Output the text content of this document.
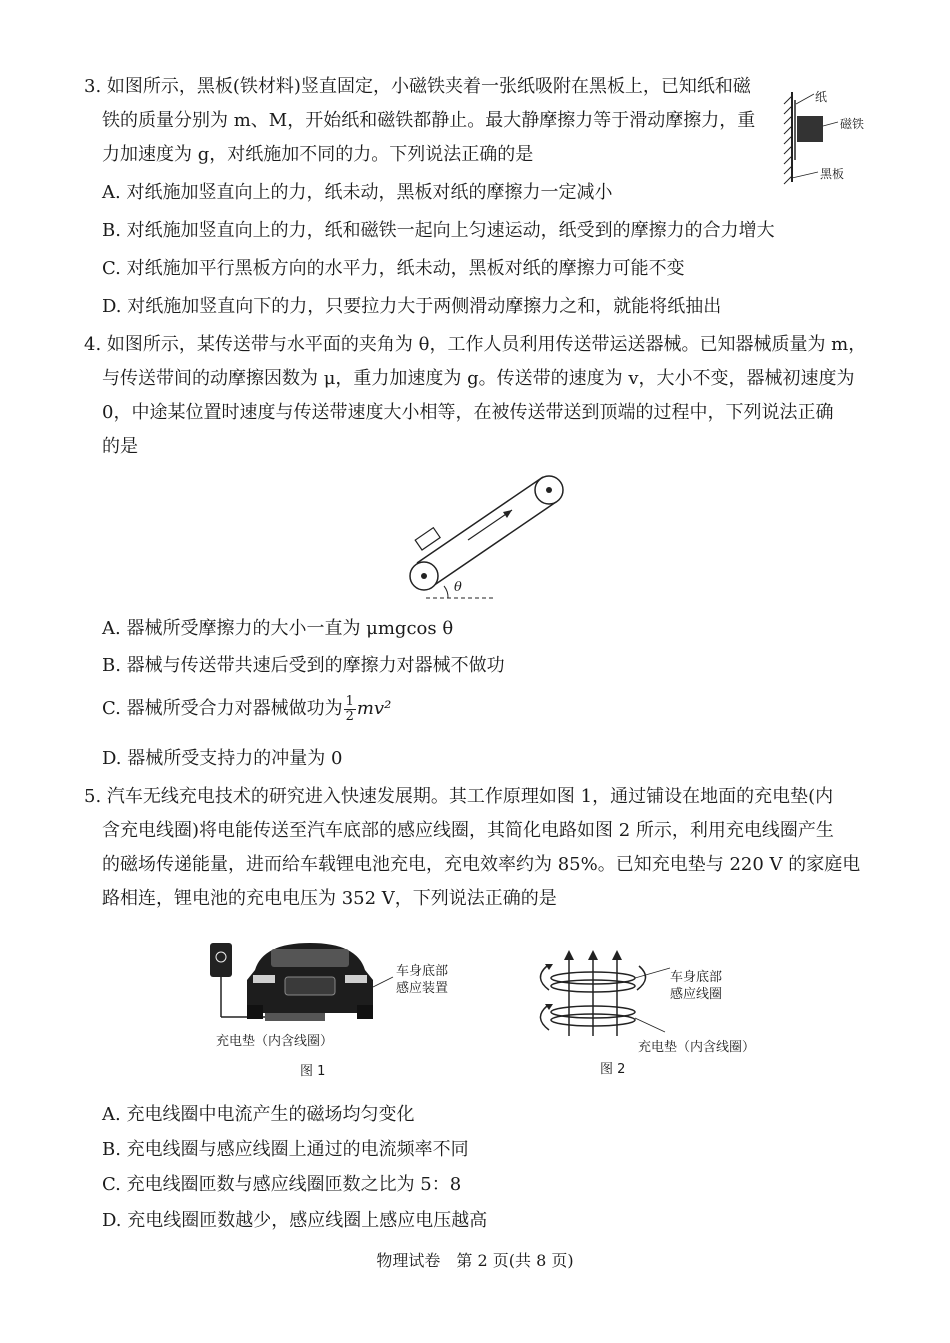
3. 如图所示，黑板(铁材料)竖直固定，小磁铁夹着一张纸吸附在黑板上，已知纸和磁
铁的质量分别为 m、M，开始纸和磁铁都静止。最大静摩擦力等于滑动摩擦力，重
力加速度为 g，对纸施加不同的力。下列说法正确的是
A. 对纸施加竖直向上的力，纸未动，黑板对纸的摩擦力一定减小
B. 对纸施加竖直向上的力，纸和磁铁一起向上匀速运动，纸受到的摩擦力的合力增大
C. 对纸施加平行黑板方向的水平力，纸未动，黑板对纸的摩擦力可能不变
D. 对纸施加竖直向下的力，只要拉力大于两侧滑动摩擦力之和，就能将纸抽出
纸
磁铁
黑板
4. 如图所示，某传送带与水平面的夹角为 θ，工作人员利用传送带运送器械。已知器械质量为 m，
与传送带间的动摩擦因数为 μ，重力加速度为 g。传送带的速度为 v，大小不变，器械初速度为
0，中途某位置时速度与传送带速度大小相等，在被传送带送到顶端的过程中，下列说法正确
的是
θ
A. 器械所受摩擦力的大小一直为 μmgcos θ
B. 器械与传送带共速后受到的摩擦力对器械不做功
C. 器械所受合力对器械做功为 $\frac{1}{2} mv^2$
D. 器械所受支持力的冲量为 0
5. 汽车无线充电技术的研究进入快速发展期。其工作原理如图 1，通过铺设在地面的充电垫(内
含充电线圈)将电能传送至汽车底部的感应线圈，其简化电路如图 2 所示，利用充电线圈产生
的磁场传递能量，进而给车载锂电池充电，充电效率约为 85%。已知充电垫与 220 V 的家庭电
路相连，锂电池的充电电压为 352 V，下列说法正确的是
车身底部
感应装置
充电垫（内含线圈）
图 1
车身底部
感应线圈
充电垫（内含线圈）
图 2
A. 充电线圈中电流产生的磁场均匀变化
B. 充电线圈与感应线圈上通过的电流频率不同
C. 充电线圈匝数与感应线圈匝数之比为 5：8
D. 充电线圈匝数越少，感应线圈上感应电压越高
物理试卷　第 2 页(共 8 页)
